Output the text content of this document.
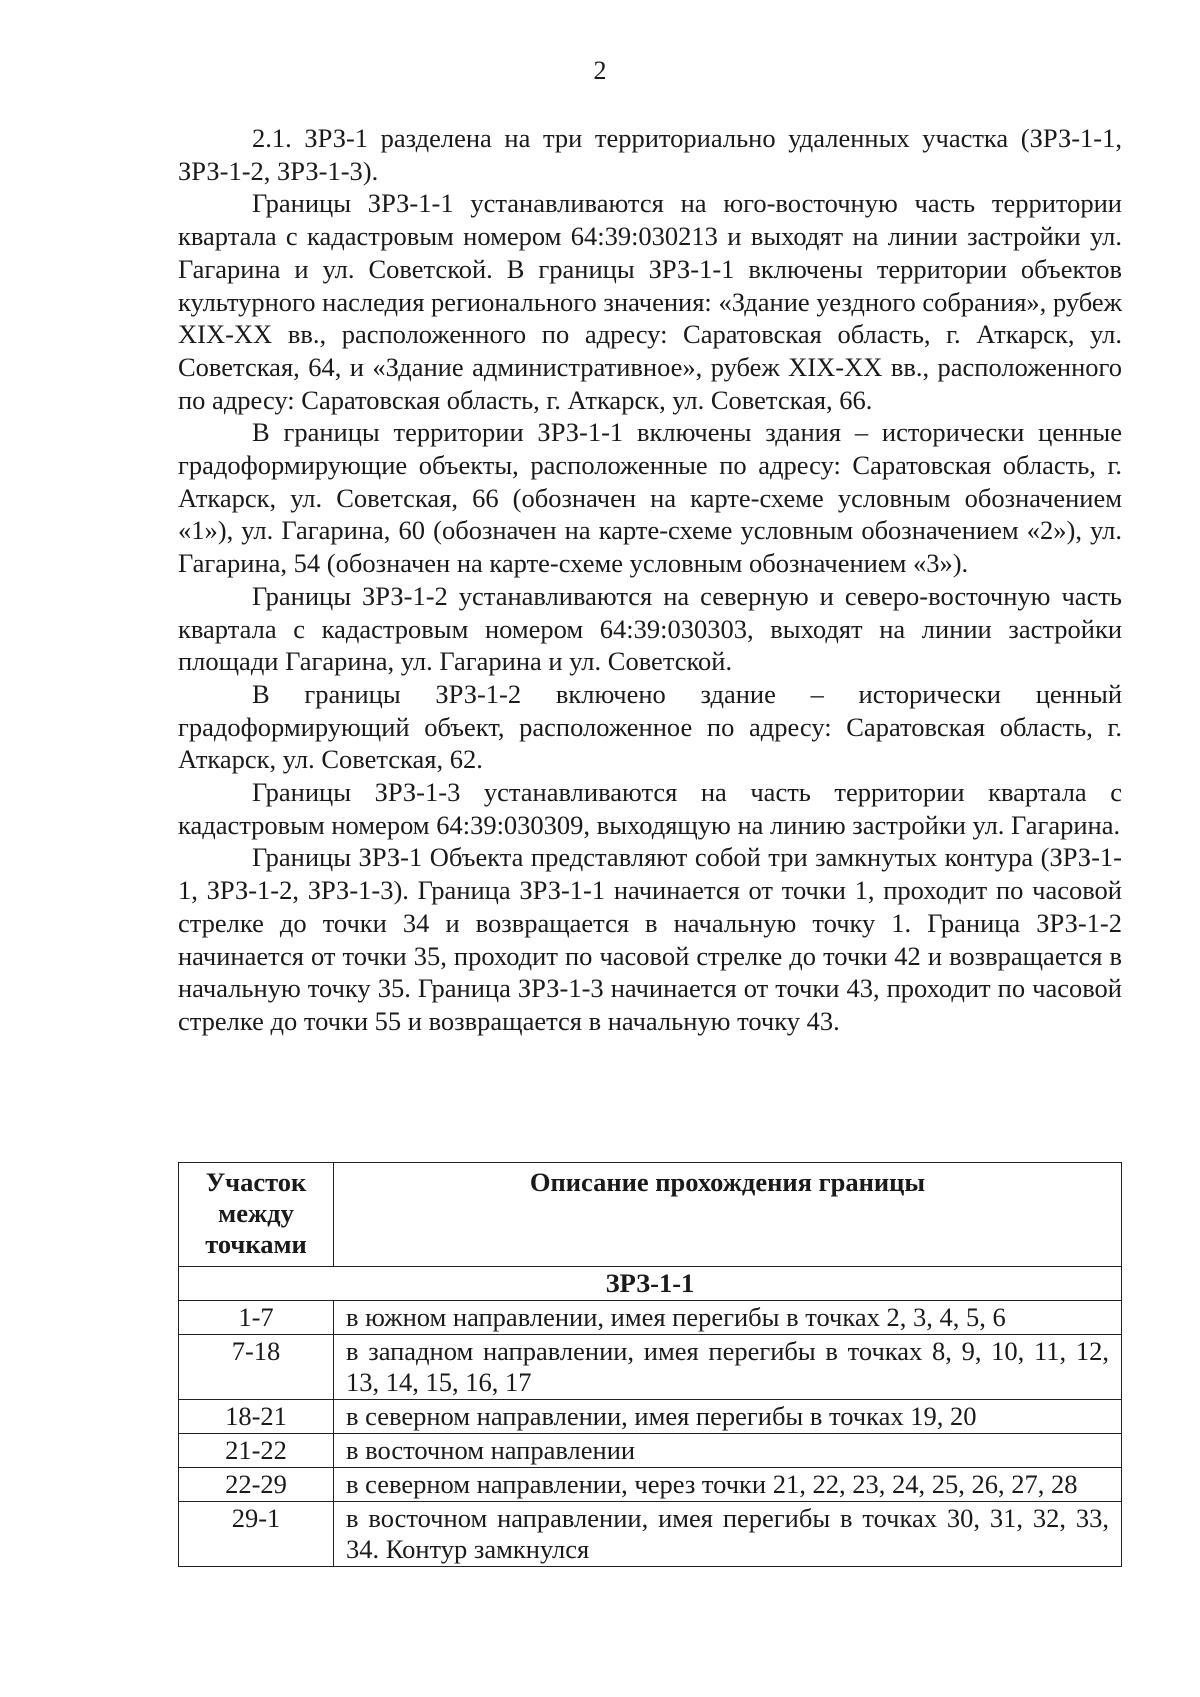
2

2.1. ЗРЗ-1 разделена на три территориально удаленных участка (ЗРЗ-1-1, ЗРЗ-1-2, ЗРЗ-1-3).

Границы ЗРЗ-1-1 устанавливаются на юго-восточную часть территории квартала с кадастровым номером 64:39:030213 и выходят на линии застройки ул. Гагарина и ул. Советской. В границы ЗРЗ-1-1 включены территории объектов культурного наследия регионального значения: «Здание уездного собрания», рубеж XIX-XX вв., расположенного по адресу: Саратовская область, г. Аткарск, ул. Советская, 64, и «Здание административное», рубеж XIX-XX вв., расположенного по адресу: Саратовская область, г. Аткарск, ул. Советская, 66.

В границы территории ЗРЗ-1-1 включены здания – исторически ценные градоформирующие объекты, расположенные по адресу: Саратовская область, г. Аткарск, ул. Советская, 66 (обозначен на карте-схеме условным обозначением «1»), ул. Гагарина, 60 (обозначен на карте-схеме условным обозначением «2»), ул. Гагарина, 54 (обозначен на карте-схеме условным обозначением «3»).

Границы ЗРЗ-1-2 устанавливаются на северную и северо-восточную часть квартала с кадастровым номером 64:39:030303, выходят на линии застройки площади Гагарина, ул. Гагарина и ул. Советской.

В границы ЗРЗ-1-2 включено здание – исторически ценный градоформирующий объект, расположенное по адресу: Саратовская область, г. Аткарск, ул. Советская, 62.

Границы ЗРЗ-1-3 устанавливаются на часть территории квартала с кадастровым номером 64:39:030309, выходящую на линию застройки ул. Гагарина.

Границы ЗРЗ-1 Объекта представляют собой три замкнутых контура (ЗРЗ-1-1, ЗРЗ-1-2, ЗРЗ-1-3). Граница ЗРЗ-1-1 начинается от точки 1, проходит по часовой стрелке до точки 34 и возвращается в начальную точку 1. Граница ЗРЗ-1-2 начинается от точки 35, проходит по часовой стрелке до точки 42 и возвращается в начальную точку 35. Граница ЗРЗ-1-3 начинается от точки 43, проходит по часовой стрелке до точки 55 и возвращается в начальную точку 43.

Участок между точками	Описание прохождения границы
ЗРЗ-1-1	
1-7	в южном направлении, имея перегибы в точках 2, 3, 4, 5, 6
7-18	в западном направлении, имея перегибы в точках 8, 9, 10, 11, 12, 13, 14, 15, 16, 17
18-21	в северном направлении, имея перегибы в точках 19, 20
21-22	в восточном направлении
22-29	в северном направлении, через точки 21, 22, 23, 24, 25, 26, 27, 28
29-1	в восточном направлении, имея перегибы в точках 30, 31, 32, 33, 34. Контур замкнулся
